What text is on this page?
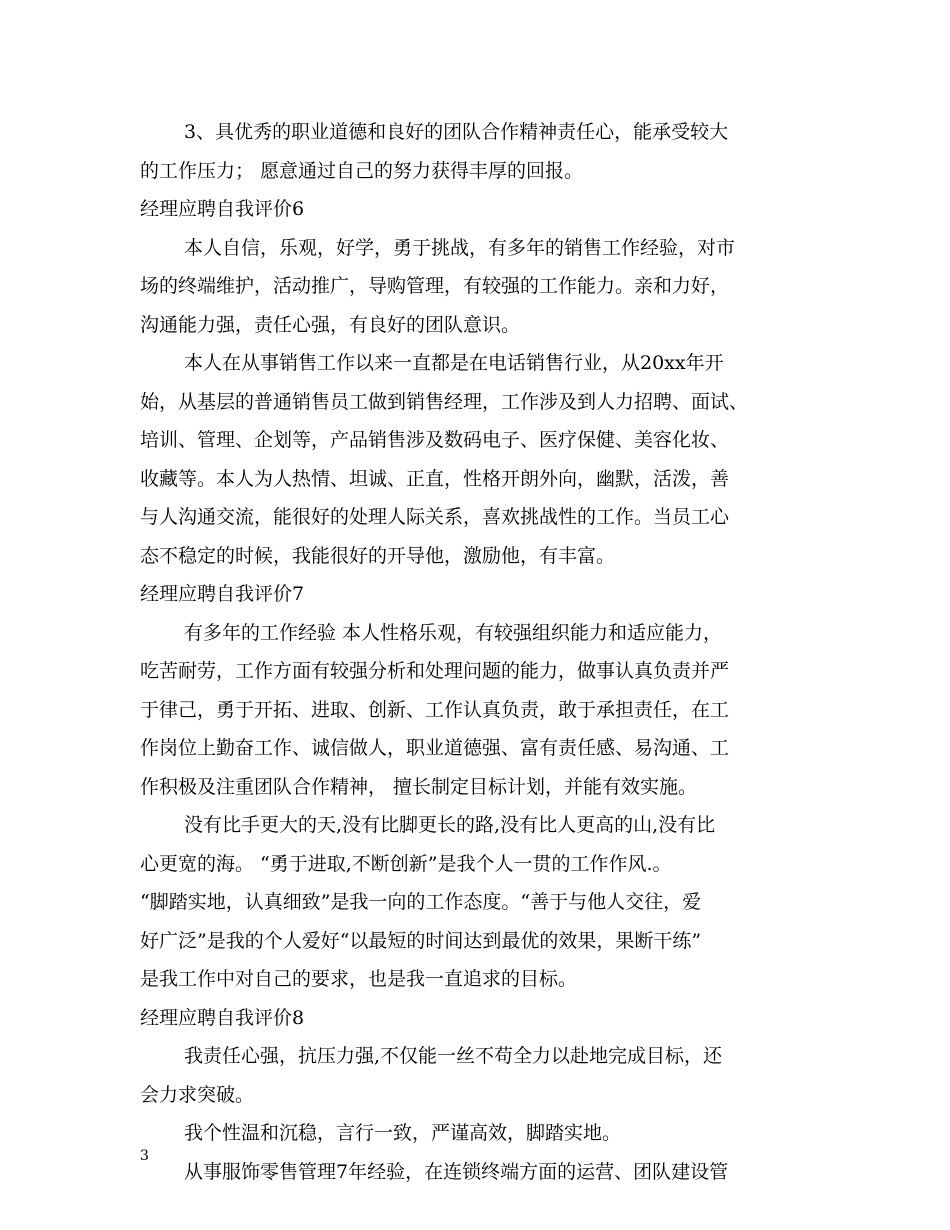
3、具优秀的职业道德和良好的团队合作精神责任心，能承受较大
的工作压力； 愿意通过自己的努力获得丰厚的回报。
经理应聘自我评价6
本人自信，乐观，好学，勇于挑战，有多年的销售工作经验，对市
场的终端维护，活动推广，导购管理，有较强的工作能力。亲和力好，
沟通能力强，责任心强，有良好的团队意识。
本人在从事销售工作以来一直都是在电话销售行业，从20xx年开
始，从基层的普通销售员工做到销售经理，工作涉及到人力招聘、面试、
培训、管理、企划等，产品销售涉及数码电子、医疗保健、美容化妆、
收藏等。本人为人热情、坦诚、正直，性格开朗外向，幽默，活泼，善
与人沟通交流，能很好的处理人际关系，喜欢挑战性的工作。当员工心
态不稳定的时候，我能很好的开导他，激励他，有丰富。
经理应聘自我评价7
有多年的工作经验 本人性格乐观，有较强组织能力和适应能力，
吃苦耐劳，工作方面有较强分析和处理问题的能力，做事认真负责并严
于律己，勇于开拓、进取、创新、工作认真负责，敢于承担责任，在工
作岗位上勤奋工作、诚信做人，职业道德强、富有责任感、易沟通、工
作积极及注重团队合作精神， 擅长制定目标计划，并能有效实施。
没有比手更大的天,没有比脚更长的路,没有比人更高的山,没有比
心更宽的海。 “勇于进取,不断创新”是我个人一贯的工作作风.。
“脚踏实地，认真细致”是我一向的工作态度。“善于与他人交往，爱
好广泛”是我的个人爱好“以最短的时间达到最优的效果，果断干练”
是我工作中对自己的要求，也是我一直追求的目标。
经理应聘自我评价8
我责任心强，抗压力强,不仅能一丝不苟全力以赴地完成目标，还
会力求突破。
我个性温和沉稳，言行一致，严谨高效，脚踏实地。
从事服饰零售管理7年经验，在连锁终端方面的运营、团队建设管
3
